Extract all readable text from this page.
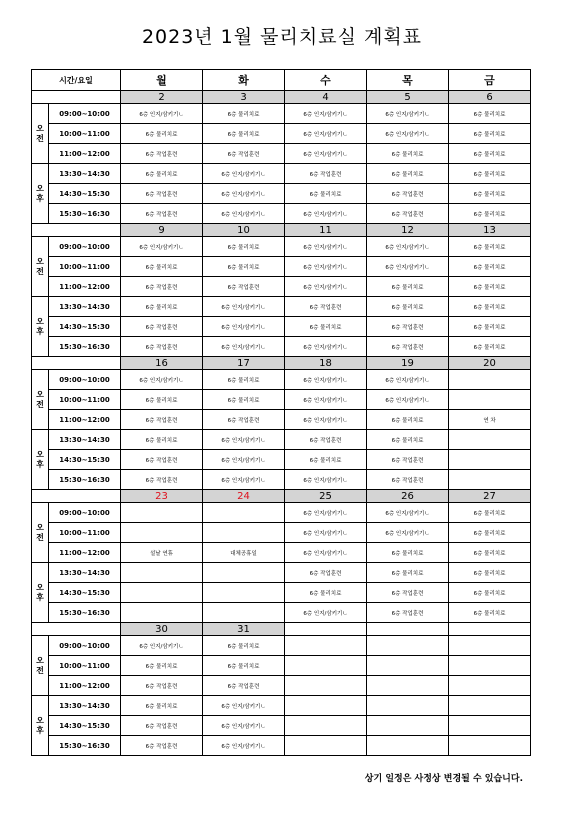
2023년 1월 물리치료실 계획표
시간/요일		월	화	수	목	금
		2	3	4	5	6
오
전	09:00~10:00	6층 인지/삼키기ㄴ	6층 물리치료	6층 인지/삼키기ㄴ	6층 인지/삼키기ㄴ	6층 물리치료
	10:00~11:00	6층 물리치료	6층 물리치료	6층 인지/삼키기ㄴ	6층 인지/삼키기ㄴ	6층 물리치료
	11:00~12:00	6층 작업훈련	6층 작업훈련	6층 인지/삼키기ㄴ	6층 물리치료	6층 물리치료
오
후	13:30~14:30	6층 물리치료	6층 인지/삼키기ㄴ	6층 작업훈련	6층 물리치료	6층 물리치료
	14:30~15:30	6층 작업훈련	6층 인지/삼키기ㄴ	6층 물리치료	6층 작업훈련	6층 물리치료
	15:30~16:30	6층 작업훈련	6층 인지/삼키기ㄴ	6층 인지/삼키기ㄴ	6층 작업훈련	6층 물리치료
		9	10	11	12	13
오
전	09:00~10:00	6층 인지/삼키기ㄴ	6층 물리치료	6층 인지/삼키기ㄴ	6층 인지/삼키기ㄴ	6층 물리치료
	10:00~11:00	6층 물리치료	6층 물리치료	6층 인지/삼키기ㄴ	6층 인지/삼키기ㄴ	6층 물리치료
	11:00~12:00	6층 작업훈련	6층 작업훈련	6층 인지/삼키기ㄴ	6층 물리치료	6층 물리치료
오
후	13:30~14:30	6층 물리치료	6층 인지/삼키기ㄴ	6층 작업훈련	6층 물리치료	6층 물리치료
	14:30~15:30	6층 작업훈련	6층 인지/삼키기ㄴ	6층 물리치료	6층 작업훈련	6층 물리치료
	15:30~16:30	6층 작업훈련	6층 인지/삼키기ㄴ	6층 인지/삼키기ㄴ	6층 작업훈련	6층 물리치료
		16	17	18	19	20
오
전	09:00~10:00	6층 인지/삼키기ㄴ	6층 물리치료	6층 인지/삼키기ㄴ	6층 인지/삼키기ㄴ	
	10:00~11:00	6층 물리치료	6층 물리치료	6층 인지/삼키기ㄴ	6층 인지/삼키기ㄴ	
	11:00~12:00	6층 작업훈련	6층 작업훈련	6층 인지/삼키기ㄴ	6층 물리치료	연 차
오
후	13:30~14:30	6층 물리치료	6층 인지/삼키기ㄴ	6층 작업훈련	6층 물리치료	
	14:30~15:30	6층 작업훈련	6층 인지/삼키기ㄴ	6층 물리치료	6층 작업훈련	
	15:30~16:30	6층 작업훈련	6층 인지/삼키기ㄴ	6층 인지/삼키기ㄴ	6층 작업훈련	
		23	24	25	26	27
오
전	09:00~10:00			6층 인지/삼키기ㄴ	6층 인지/삼키기ㄴ	6층 물리치료
	10:00~11:00			6층 인지/삼키기ㄴ	6층 인지/삼키기ㄴ	6층 물리치료
	11:00~12:00	설날 연휴	대체공휴일	6층 인지/삼키기ㄴ	6층 물리치료	6층 물리치료
오
후	13:30~14:30			6층 작업훈련	6층 물리치료	6층 물리치료
	14:30~15:30			6층 물리치료	6층 작업훈련	6층 물리치료
	15:30~16:30			6층 인지/삼키기ㄴ	6층 작업훈련	6층 물리치료
		30	31			
오
전	09:00~10:00	6층 인지/삼키기ㄴ	6층 물리치료			
	10:00~11:00	6층 물리치료	6층 물리치료			
	11:00~12:00	6층 작업훈련	6층 작업훈련			
오
후	13:30~14:30	6층 물리치료	6층 인지/삼키기ㄴ			
	14:30~15:30	6층 작업훈련	6층 인지/삼키기ㄴ			
	15:30~16:30	6층 작업훈련	6층 인지/삼키기ㄴ			
상기 일정은 사정상 변경될 수 있습니다.
